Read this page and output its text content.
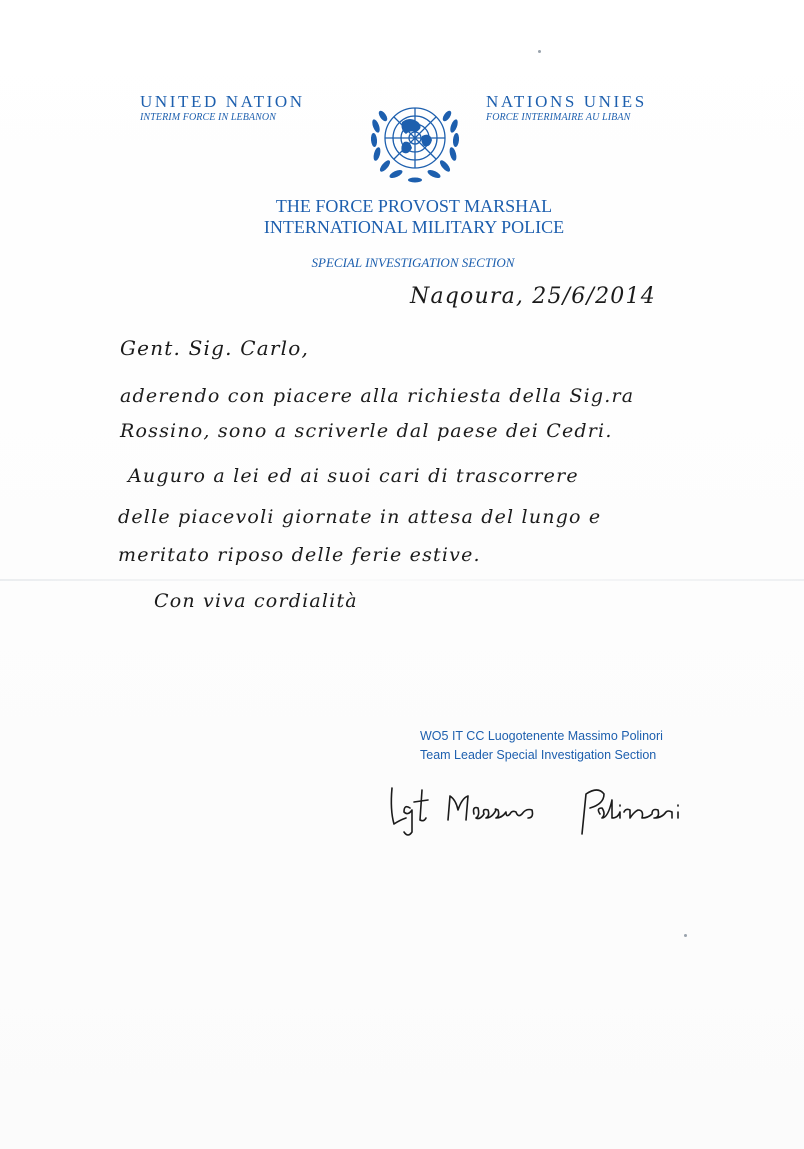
UNITED NATION
INTERIM FORCE IN LEBANON
NATIONS UNIES
FORCE INTERIMAIRE AU LIBAN
THE FORCE PROVOST MARSHAL
INTERNATIONAL MILITARY POLICE
SPECIAL INVESTIGATION SECTION
Naqoura, 25/6/2014
Gent. Sig. Carlo,
aderendo con piacere alla richiesta della Sig.ra
Rossino, sono a scriverle dal paese dei Cedri.
Auguro a lei ed ai suoi cari di trascorrere
delle piacevoli giornate in attesa del lungo e
meritato riposo delle ferie estive.
Con viva cordialità
WO5 IT CC Luogotenente Massimo Polinori
Team Leader Special Investigation Section
